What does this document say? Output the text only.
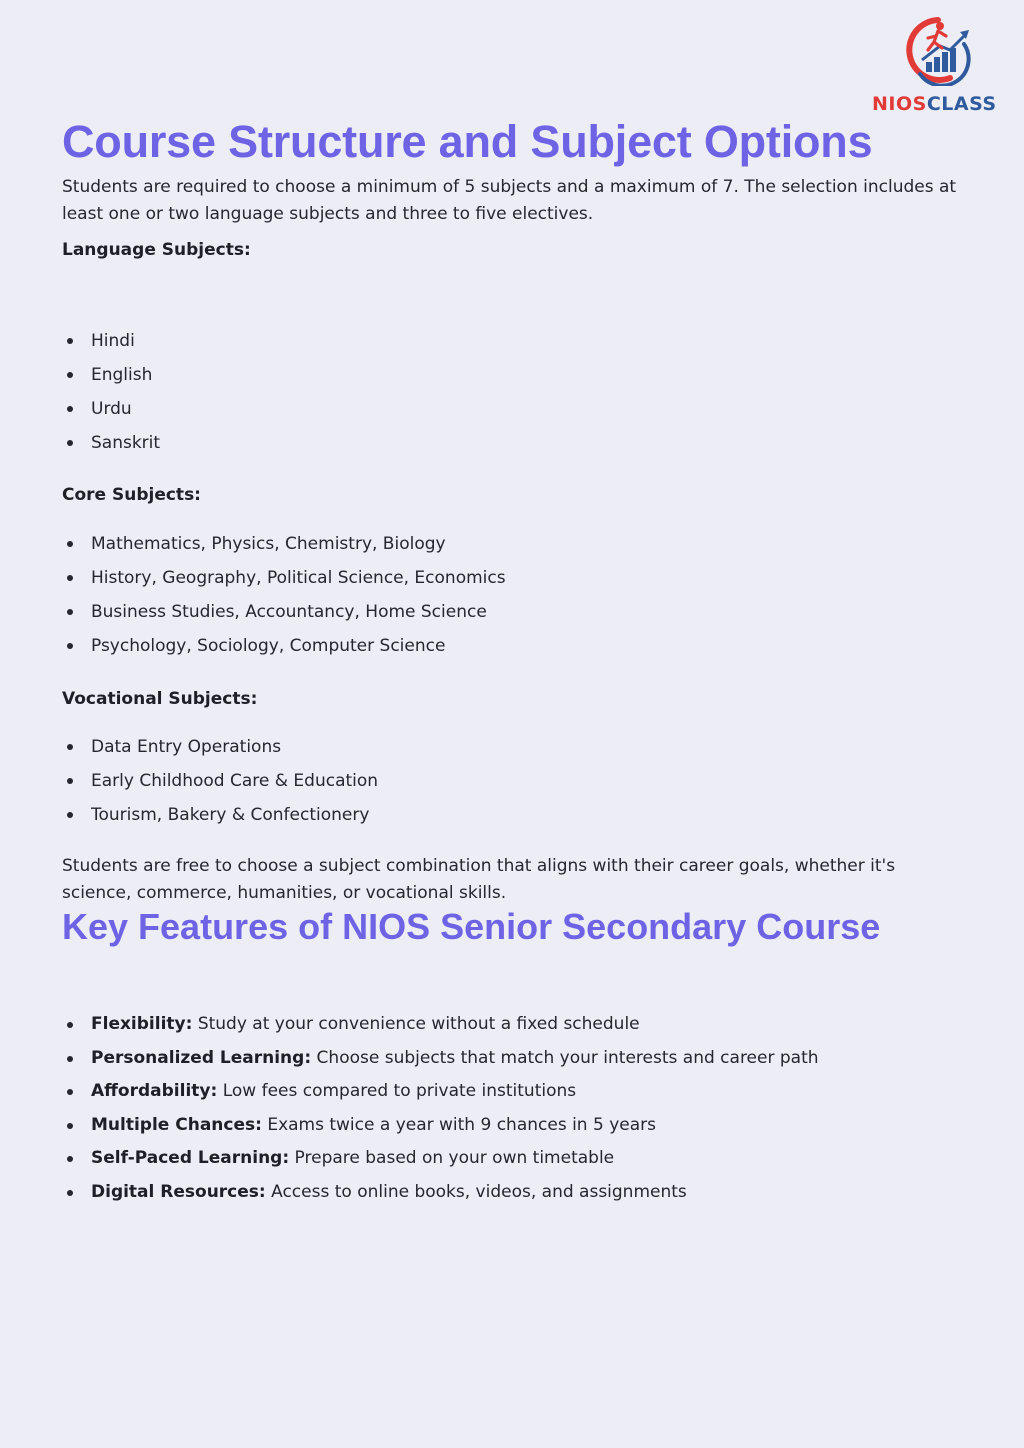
NIOSCLASS
Course Structure and Subject Options

Students are required to choose a minimum of 5 subjects and a maximum of 7. The selection includes at least one or two language subjects and three to five electives.

Language Subjects:

Hindi
English
Urdu
Sanskrit

Core Subjects:

Mathematics, Physics, Chemistry, Biology
History, Geography, Political Science, Economics
Business Studies, Accountancy, Home Science
Psychology, Sociology, Computer Science

Vocational Subjects:

Data Entry Operations
Early Childhood Care & Education
Tourism, Bakery & Confectionery

Students are free to choose a subject combination that aligns with their career goals, whether it's science, commerce, humanities, or vocational skills.

Key Features of NIOS Senior Secondary Course
Flexibility: Study at your convenience without a fixed schedule
Personalized Learning: Choose subjects that match your interests and career path
Affordability: Low fees compared to private institutions
Multiple Chances: Exams twice a year with 9 chances in 5 years
Self-Paced Learning: Prepare based on your own timetable
Digital Resources: Access to online books, videos, and assignments
